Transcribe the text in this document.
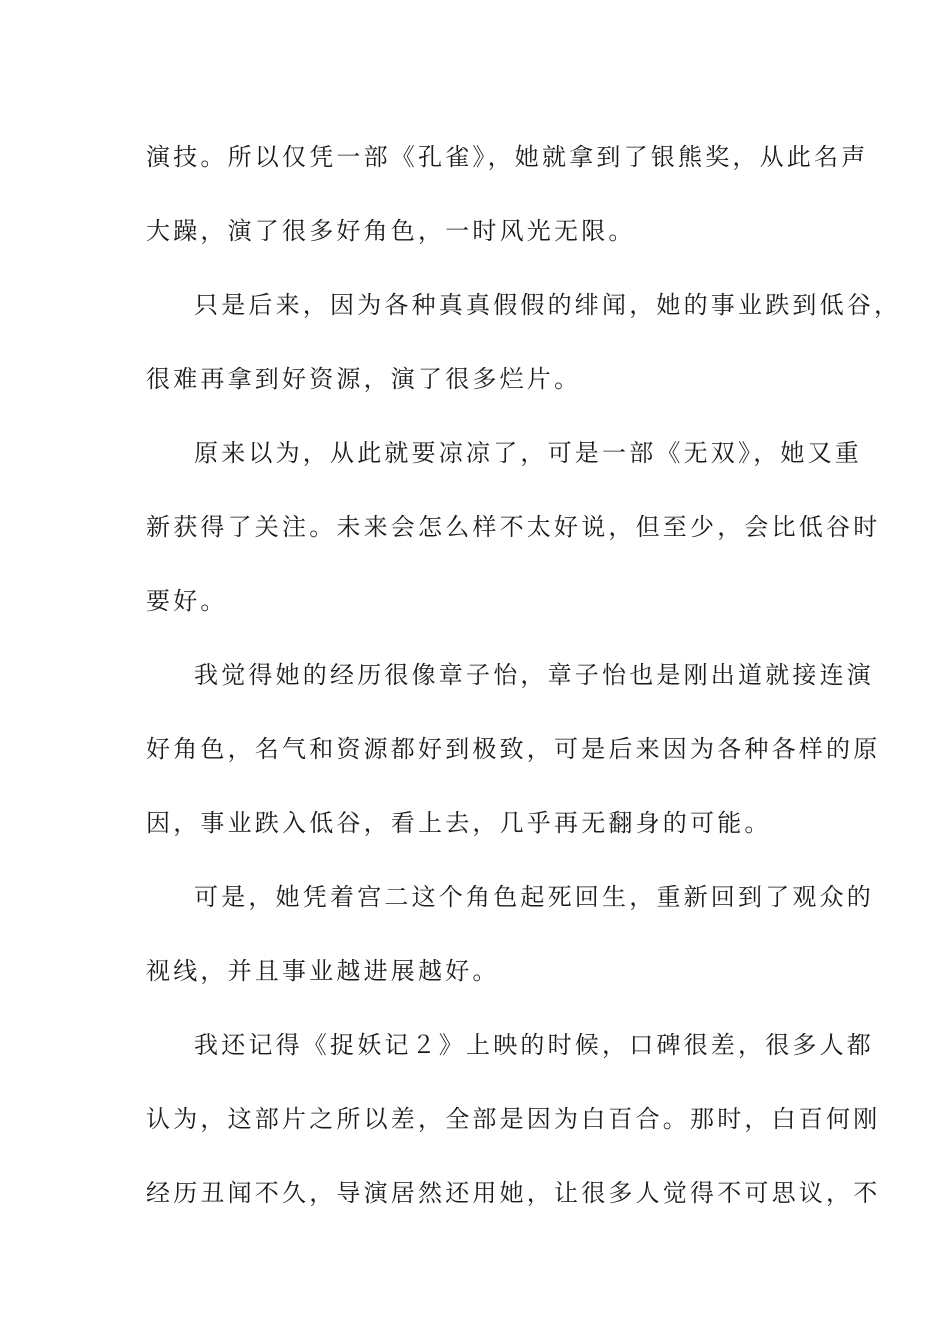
演技。所以仅凭一部《孔雀》，她就拿到了银熊奖，从此名声
大躁，演了很多好角色，一时风光无限。
只是后来，因为各种真真假假的绯闻，她的事业跌到低谷，
很难再拿到好资源，演了很多烂片。
原来以为，从此就要凉凉了，可是一部《无双》，她又重
新获得了关注。未来会怎么样不太好说，但至少，会比低谷时
要好。
我觉得她的经历很像章子怡，章子怡也是刚出道就接连演
好角色，名气和资源都好到极致，可是后来因为各种各样的原
因，事业跌入低谷，看上去，几乎再无翻身的可能。
可是，她凭着宫二这个角色起死回生，重新回到了观众的
视线，并且事业越进展越好。
我还记得《捉妖记２》上映的时候，口碑很差，很多人都
认为，这部片之所以差，全部是因为白百合。那时，白百何刚
经历丑闻不久，导演居然还用她，让很多人觉得不可思议，不
